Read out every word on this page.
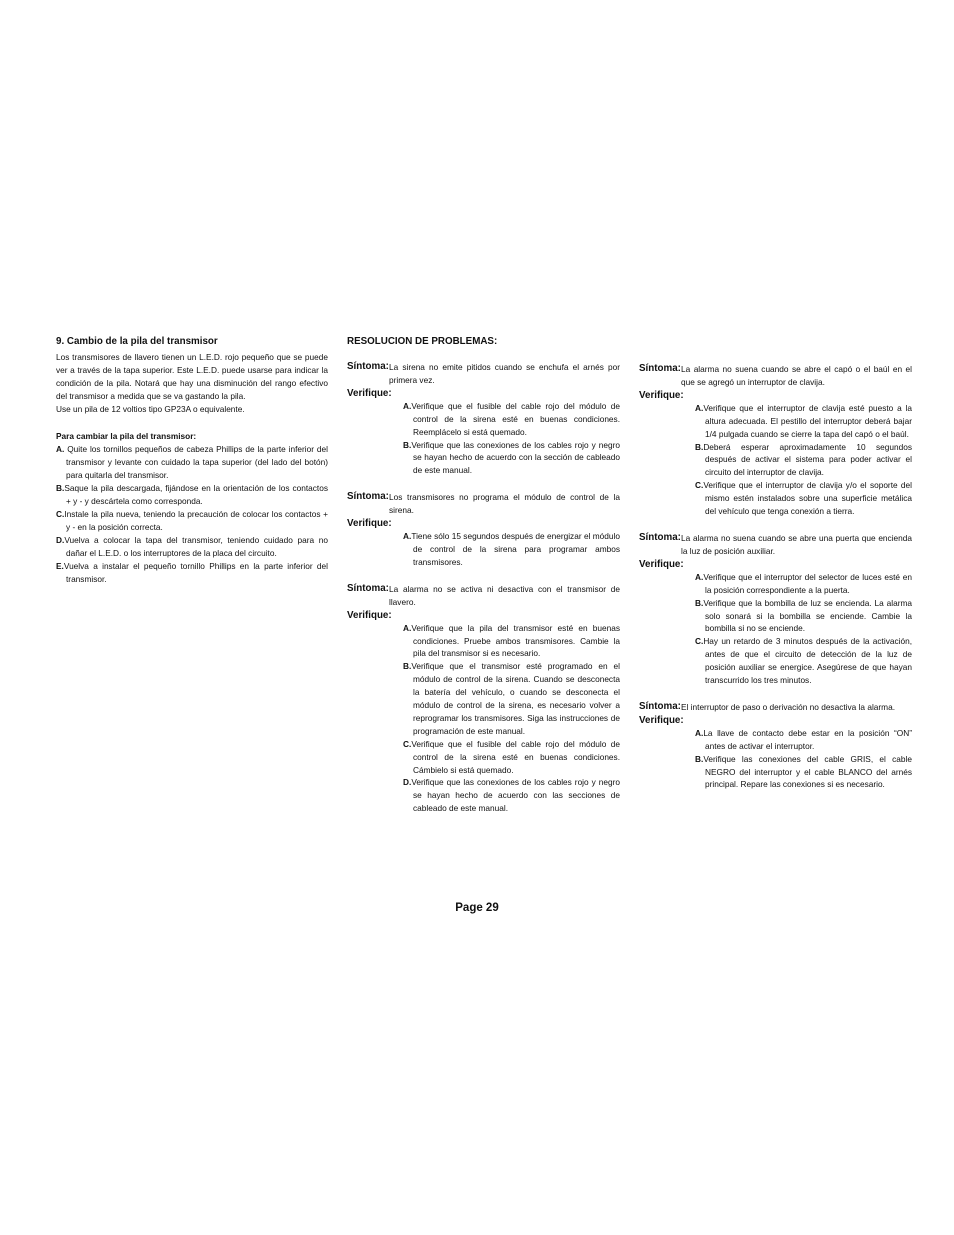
9. Cambio de la pila del transmisor

Los transmisores de llavero tienen un L.E.D. rojo pequeño que se puede ver a través de la tapa superior. Este L.E.D. puede usarse para indicar la condición de la pila. Notará que hay una disminución del rango efectivo del transmisor a medida que se va gastando la pila.

Use un pila de 12 voltios tipo GP23A o equivalente.

Para cambiar la pila del transmisor:

A. Quite los tornillos pequeños de cabeza Phillips de la parte inferior del transmisor y levante con cuidado la tapa superior (del lado del botón) para quitarla del transmisor.

B.Saque la pila descargada, fijándose en la orientación de los contactos + y - y descártela como corresponda.

C.Instale la pila nueva, teniendo la precaución de colocar los contactos + y - en la posición correcta.

D.Vuelva a colocar la tapa del transmisor, teniendo cuidado para no dañar el L.E.D. o los interruptores de la placa del circuito.

E.Vuelva a instalar el pequeño tornillo Phillips en la parte inferior del transmisor.

RESOLUCION DE PROBLEMAS:

Síntoma: La sirena no emite pitidos cuando se enchufa el arnés por primera vez.

Verifique:

A.Verifique que el fusible del cable rojo del módulo de control de la sirena esté en buenas condiciones. Reemplácelo si está quemado.

B.Verifique que las conexiones de los cables rojo y negro se hayan hecho de acuerdo con la sección de cableado de este manual.

Síntoma: Los transmisores no programa el módulo de control de la sirena.

Verifique:

A.Tiene sólo 15 segundos después de energizar el módulo de control de la sirena para programar ambos transmisores.

Síntoma: La alarma no se activa ni desactiva con el transmisor de llavero.

Verifique:

A.Verifique que la pila del transmisor esté en buenas condiciones. Pruebe ambos transmisores. Cambie la pila del transmisor si es necesario.

B.Verifique que el transmisor esté programado en el módulo de control de la sirena. Cuando se desconecta la batería del vehículo, o cuando se desconecta el módulo de control de la sirena, es necesario volver a reprogramar los transmisores. Siga las instrucciones de programación de este manual.

C.Verifique que el fusible del cable rojo del módulo de control de la sirena esté en buenas condiciones. Cámbielo si está quemado.

D.Verifique que las conexiones de los cables rojo y negro se hayan hecho de acuerdo con las secciones de cableado de este manual.

Síntoma: La alarma no suena cuando se abre el capó o el baúl en el que se agregó un interruptor de clavija.

Verifique:

A.Verifique que el interruptor de clavija esté puesto a la altura adecuada. El pestillo del interruptor deberá bajar 1/4 pulgada cuando se cierre la tapa del capó o el baúl.

B.Deberá esperar aproximadamente 10 segundos después de activar el sistema para poder activar el circuito del interruptor de clavija.

C.Verifique que el interruptor de clavija y/o el soporte del mismo estén instalados sobre una superficie metálica del vehículo que tenga conexión a tierra.

Síntoma: La alarma no suena cuando se abre una puerta que encienda la luz de posición auxiliar.

Verifique:

A.Verifique que el interruptor del selector de luces esté en la posición correspondiente a la puerta.

B.Verifique que la bombilla de luz se encienda. La alarma solo sonará si la bombilla se enciende. Cambie la bombilla si no se enciende.

C.Hay un retardo de 3 minutos después de la activación, antes de que el circuito de detección de la luz de posición auxiliar se energice. Asegúrese de que hayan transcurrido los tres minutos.

Síntoma: El interruptor de paso o derivación no desactiva la alarma.

Verifique:

A.La llave de contacto debe estar en la posición “ON” antes de activar el interruptor.

B.Verifique las conexiones del cable GRIS, el cable NEGRO del interruptor y el cable BLANCO del arnés principal. Repare las conexiones si es necesario.

Page 29
